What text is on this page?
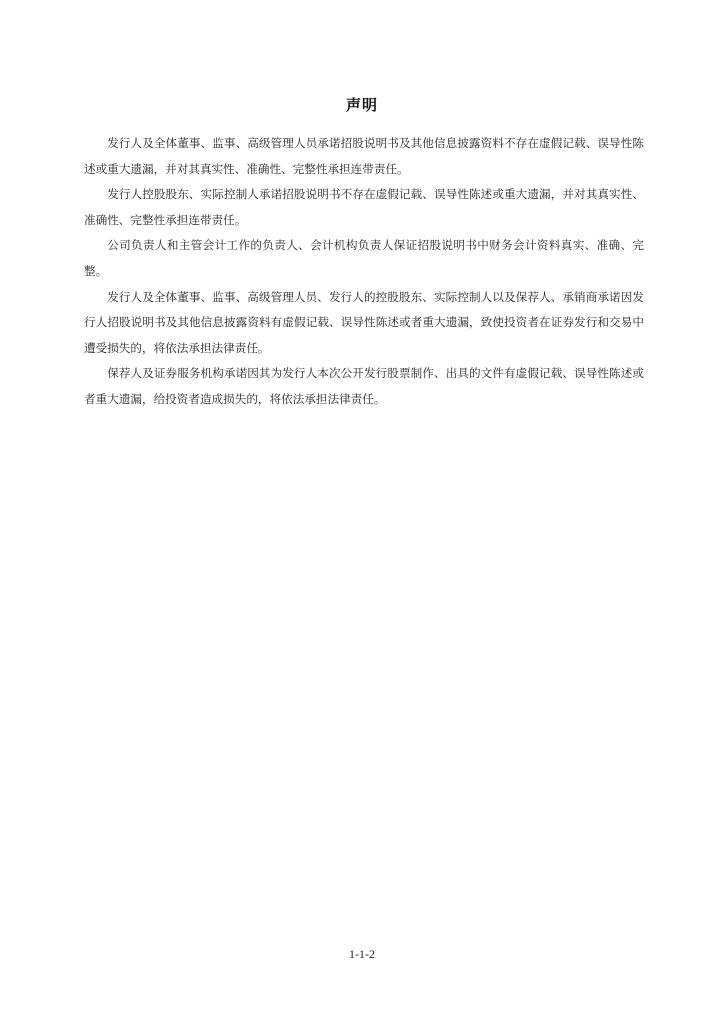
声明

发行人及全体董事、监事、高级管理人员承诺招股说明书及其他信息披露资料不存在虚假记载、误导性陈述或重大遗漏，并对其真实性、准确性、完整性承担连带责任。

发行人控股股东、实际控制人承诺招股说明书不存在虚假记载、误导性陈述或重大遗漏，并对其真实性、准确性、完整性承担连带责任。

公司负责人和主管会计工作的负责人、会计机构负责人保证招股说明书中财务会计资料真实、准确、完整。

发行人及全体董事、监事、高级管理人员、发行人的控股股东、实际控制人以及保荐人、承销商承诺因发行人招股说明书及其他信息披露资料有虚假记载、误导性陈述或者重大遗漏，致使投资者在证券发行和交易中遭受损失的，将依法承担法律责任。

保荐人及证券服务机构承诺因其为发行人本次公开发行股票制作、出具的文件有虚假记载、误导性陈述或者重大遗漏，给投资者造成损失的，将依法承担法律责任。

1-1-2
